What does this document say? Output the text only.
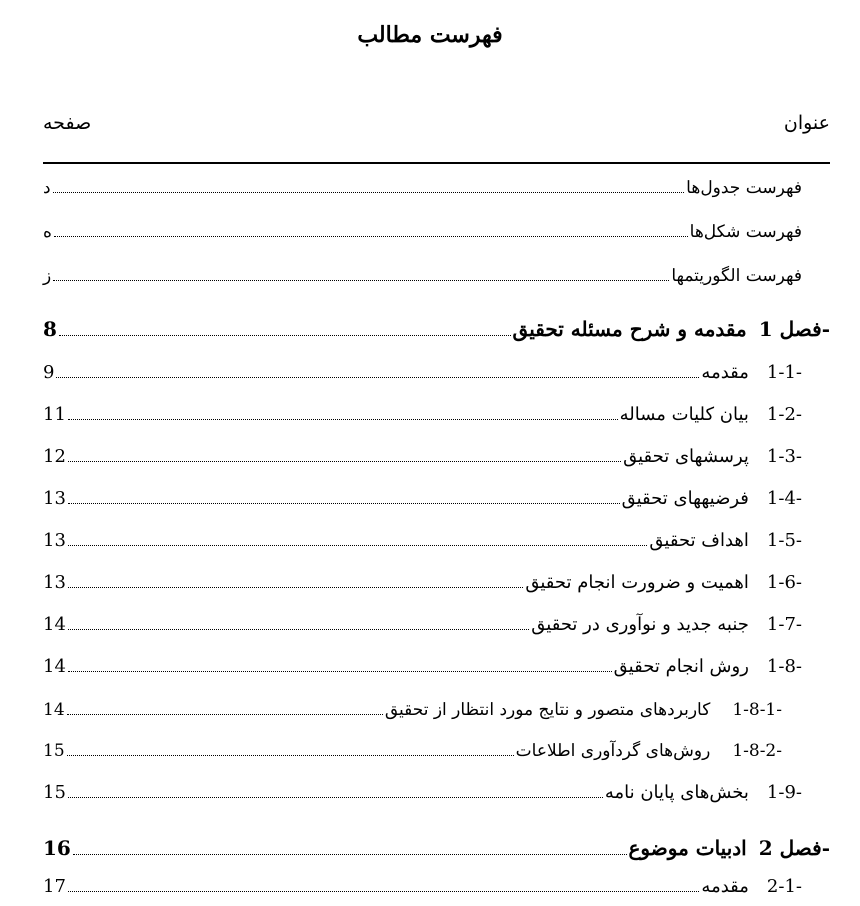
فهرست مطالب
عنوان
صفحه
فهرست جدول‌ها
د
فهرست شکل‌ها
ه
فهرست الگوریتمها
ز
فصل 1-
مقدمه و شرح مسئله تحقیق
8
1-1-
مقدمه
9
1-2-
بیان کلیات مساله
11
1-3-
پرسشهای تحقیق
12
1-4-
فرضیههای تحقیق
13
1-5-
اهداف تحقیق
13
1-6-
اهمیت و ضرورت انجام تحقیق
13
1-7-
جنبه جدید و نوآوری در تحقیق
14
1-8-
روش انجام تحقیق
14
1-8-1-
کاربردهای متصور و نتایج مورد انتظار از تحقیق
14
1-8-2-
روش‌های گردآوری اطلاعات
15
1-9-
بخش‌های پایان نامه
15
فصل 2-
ادبیات موضوع
16
2-1-
مقدمه
17
